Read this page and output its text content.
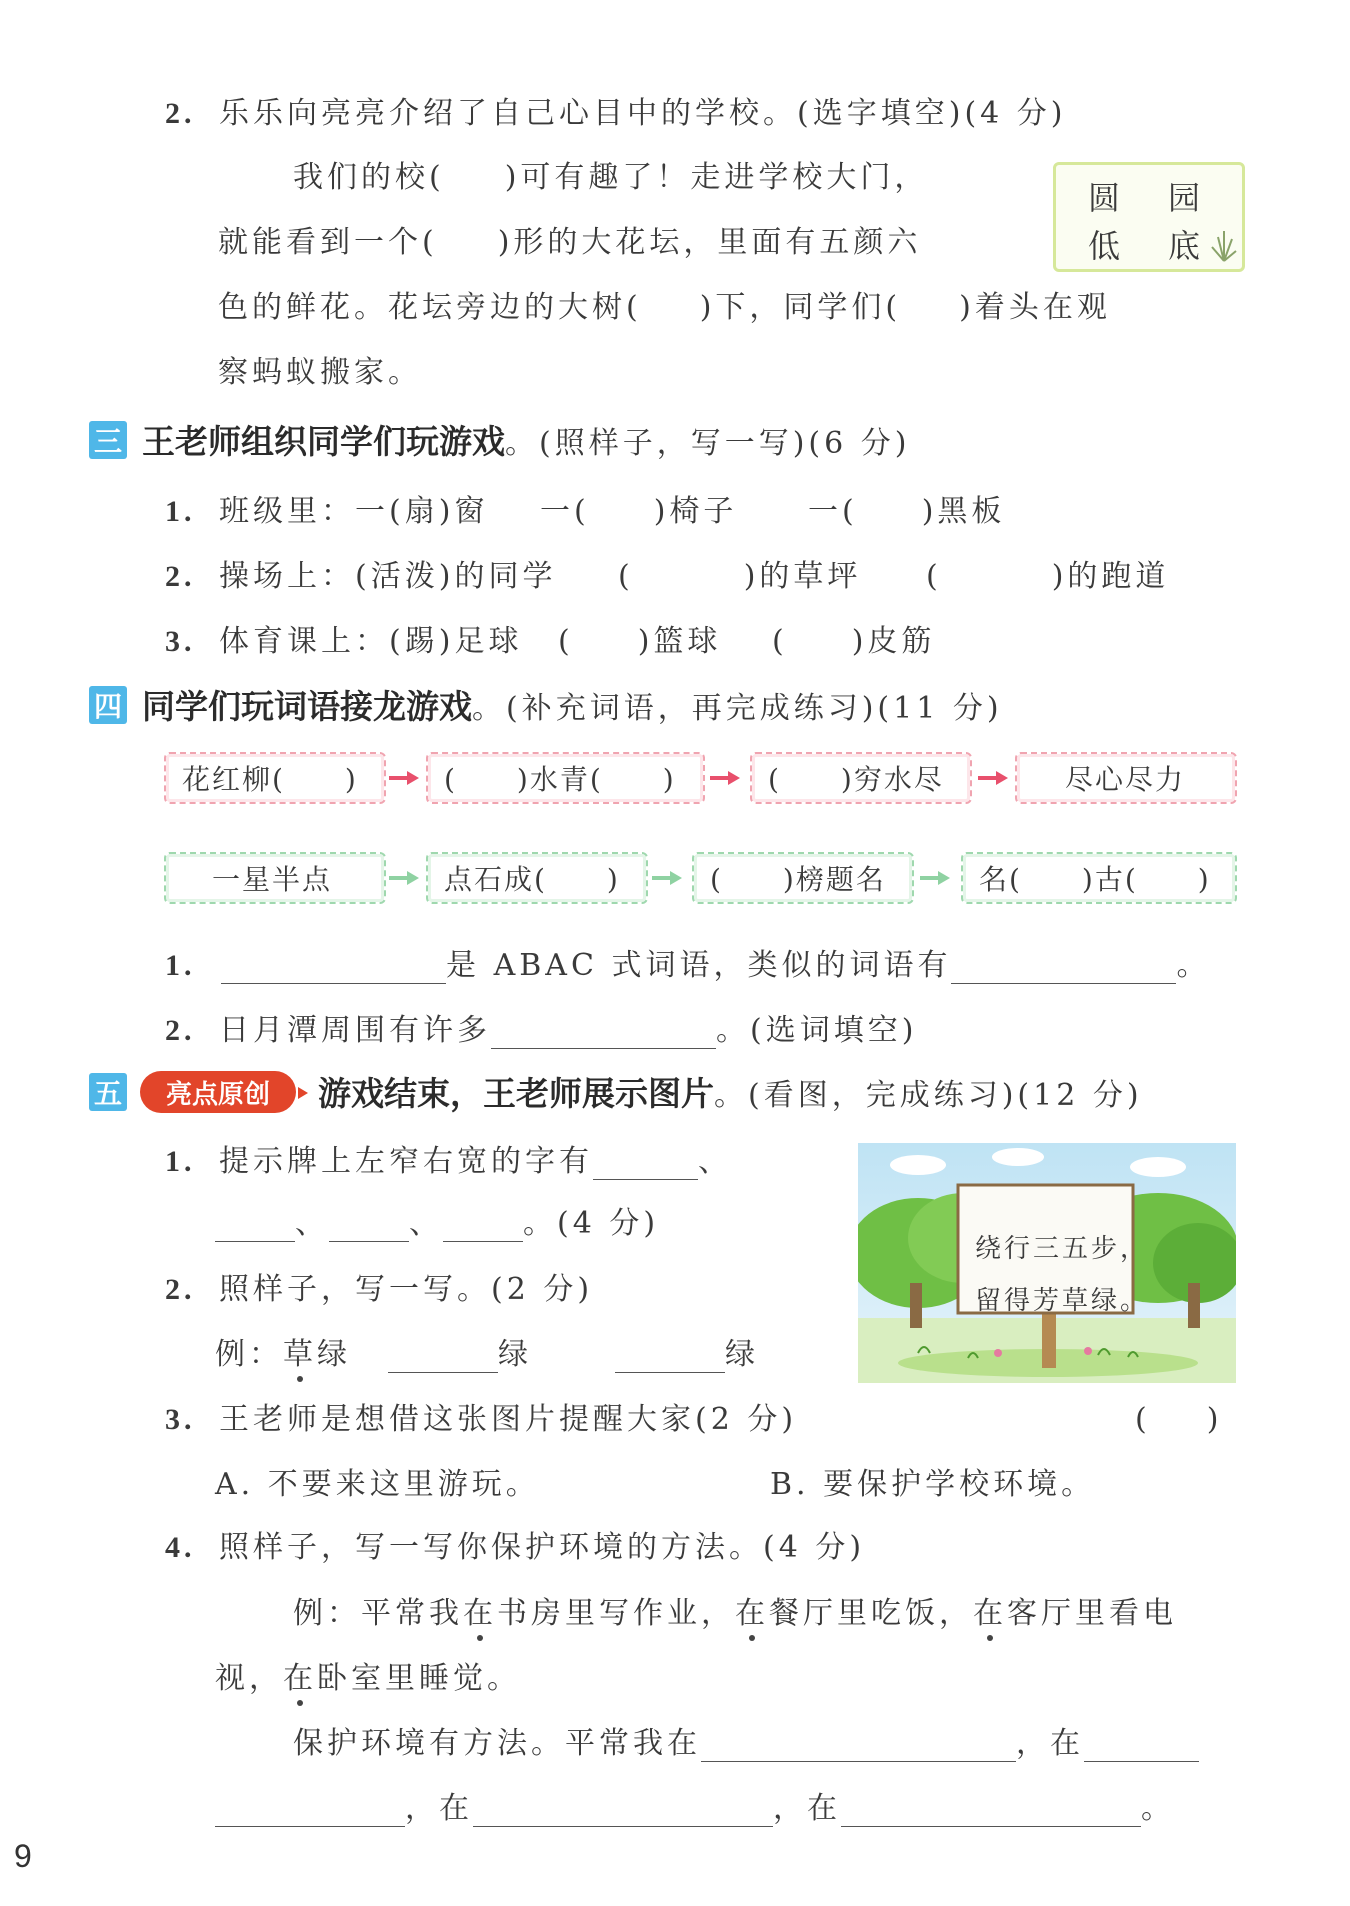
2. 乐乐向亮亮介绍了自己心目中的学校。(选字填空)(4 分)
我们的校( )可有趣了！走进学校大门，
就能看到一个( )形的大花坛，里面有五颜六
色的鲜花。花坛旁边的大树( )下，同学们( )着头在观
察蚂蚁搬家。
圆 园
低 底
三 王老师组织同学们玩游戏。(照样子，写一写)(6 分)
1. 班级里：一(扇)窗 一( )椅子 一( )黑板
2. 操场上：(活泼)的同学 (	)的草坪 (	)的跑道
3. 体育课上：(踢)足球 ( )篮球 ( )皮筋
四 同学们玩词语接龙游戏。(补充词语，再完成练习)(11 分)
花红柳(　　)	(　　)水青(　　)	(　　)穷水尽	尽心尽力
一星半点	点石成(　　)	(　　)榜题名	名(　　)古(　　)
1.	是 ABAC 式词语，类似的词语有	。
2. 日月潭周围有许多	。(选词填空)
五	亮点原创	游戏结束，王老师展示图片。(看图，完成练习)(12 分)
1. 提示牌上左窄右宽的字有	、
、	、	。(4 分)
2. 照样子，写一写。(2 分)
例：草绿	绿	绿
绕行三五步，
留得芳草绿。
3. 王老师是想借这张图片提醒大家(2 分)	(　　)
A. 不要来这里游玩。	B. 要保护学校环境。
4. 照样子，写一写你保护环境的方法。(4 分)
例：平常我在书房里写作业，在餐厅里吃饭，在客厅里看电
视，在卧室里睡觉。
保护环境有方法。平常我在	，在
，在	，在	。
9
